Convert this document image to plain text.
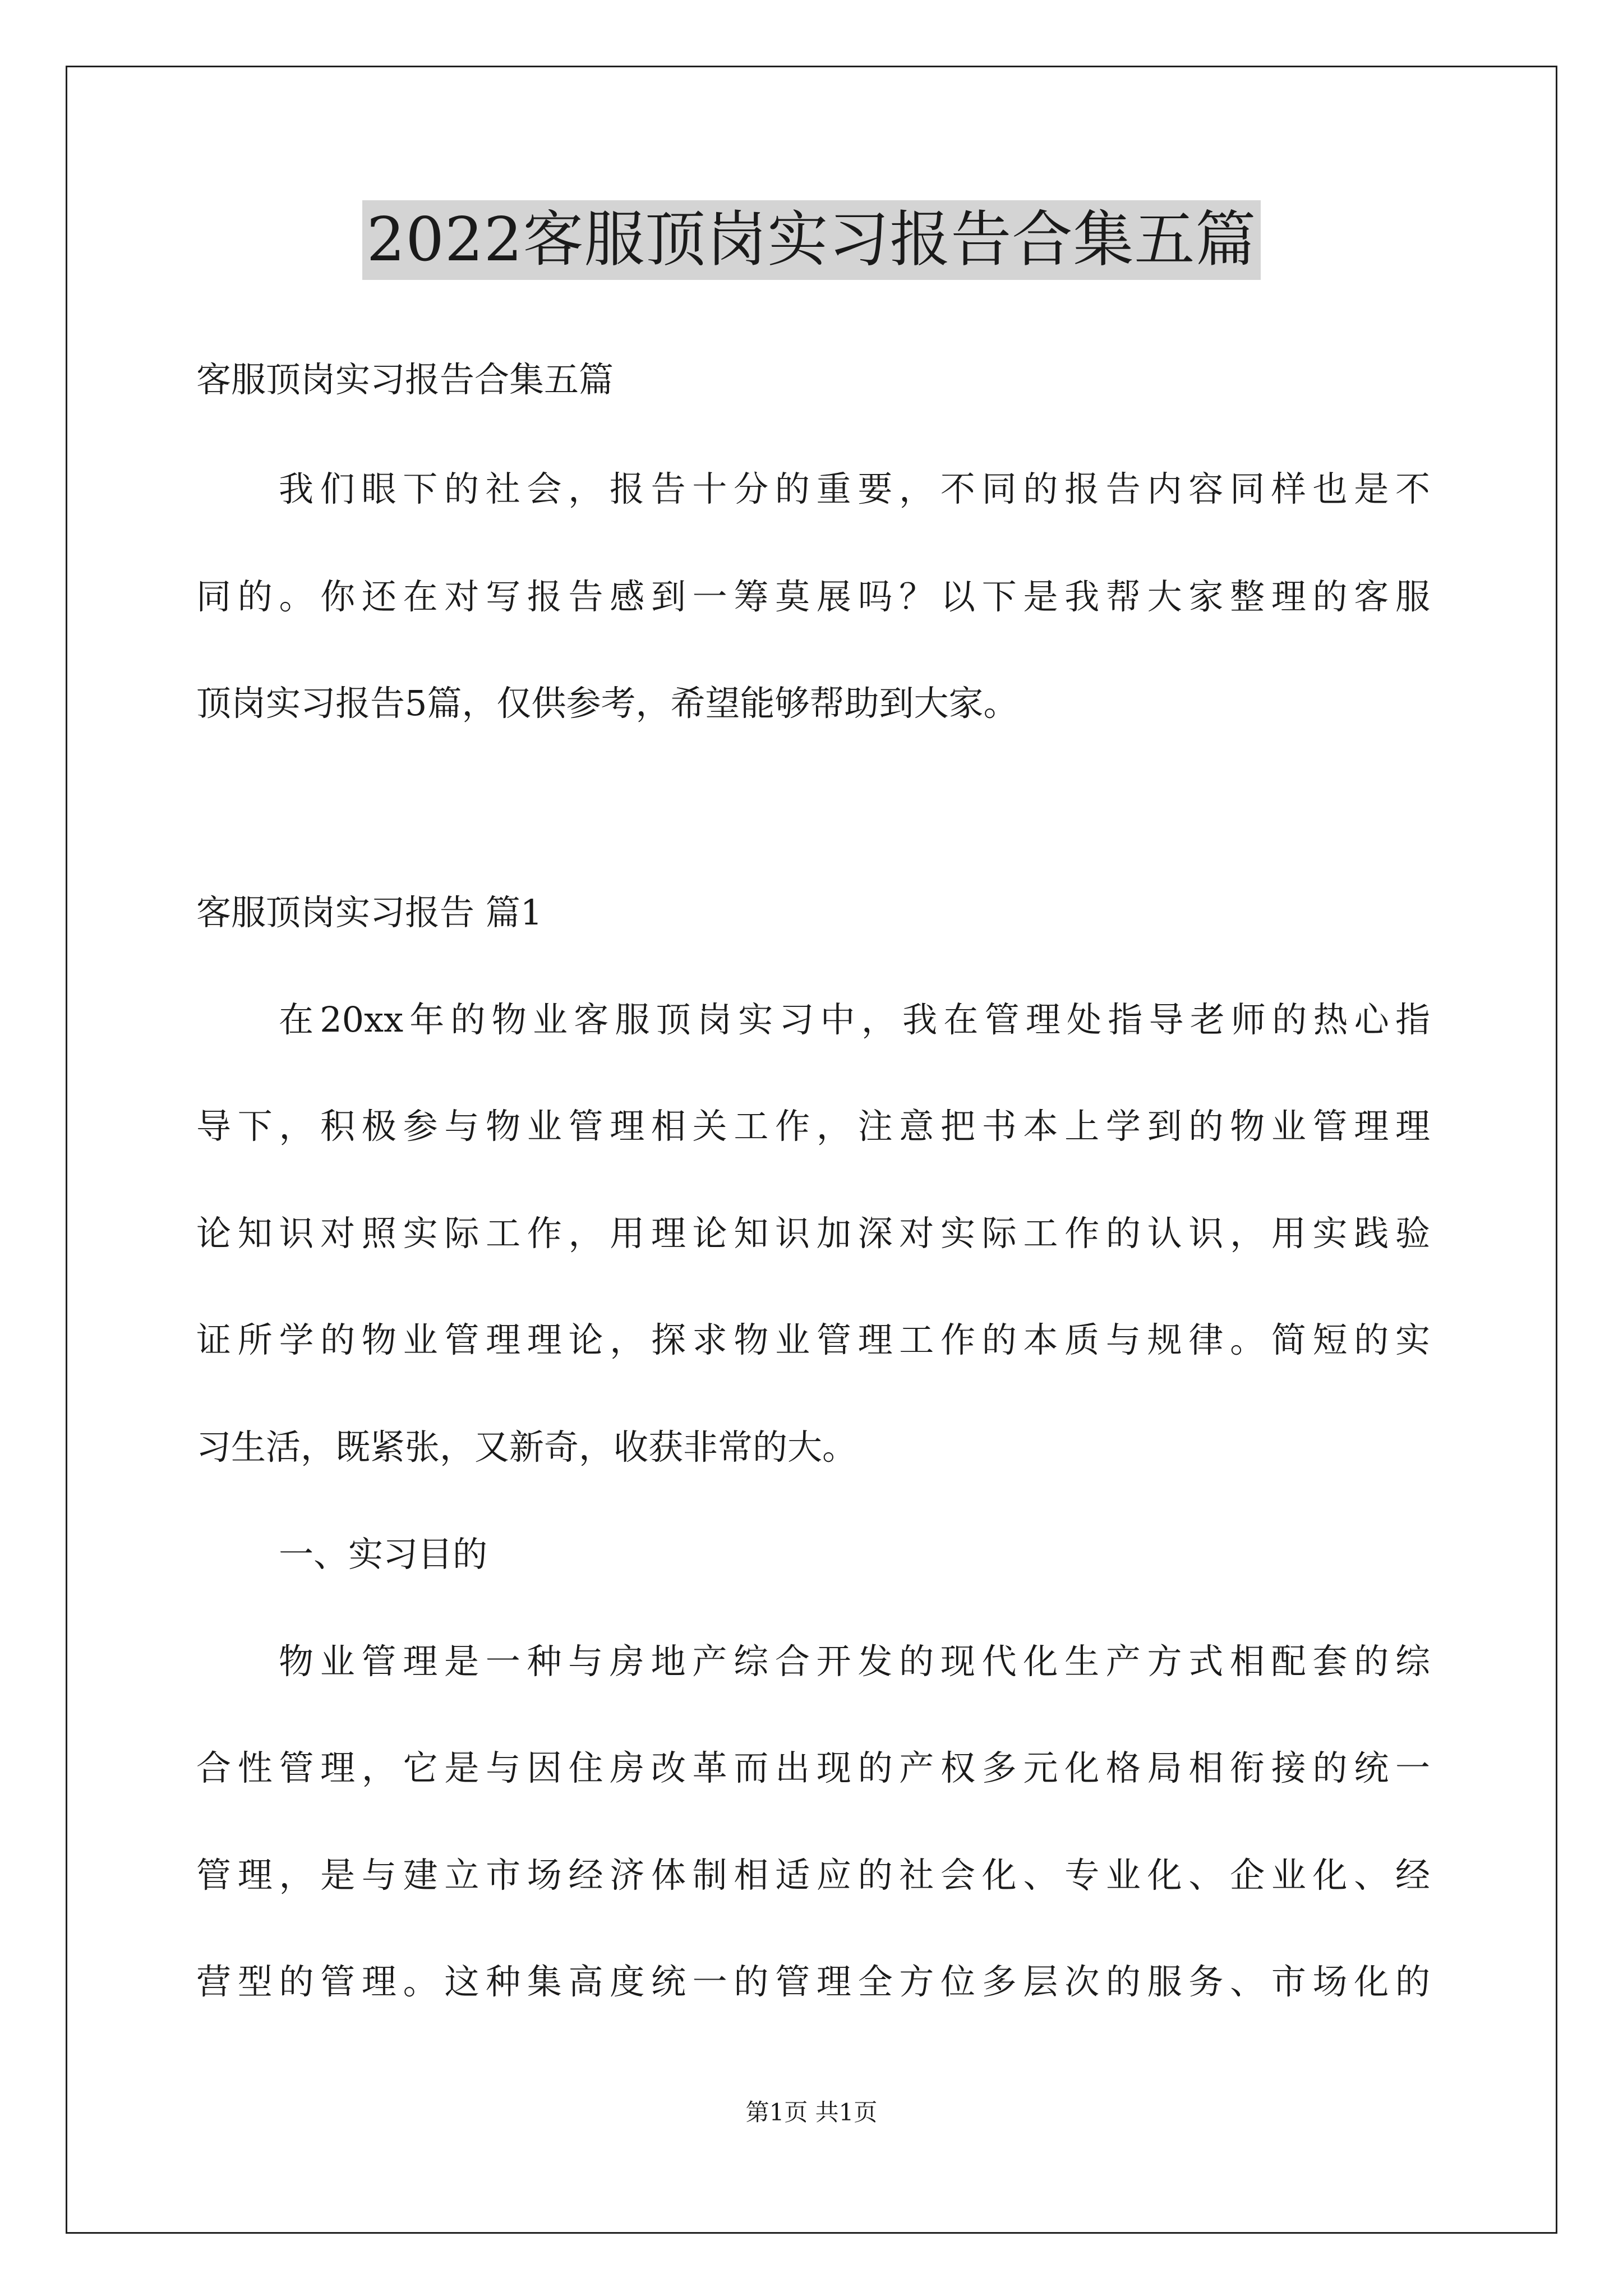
2022客服顶岗实习报告合集五篇
客服顶岗实习报告合集五篇
我们眼下的社会，报告十分的重要，不同的报告内容同样也是不
同的。你还在对写报告感到一筹莫展吗？以下是我帮大家整理的客服
顶岗实习报告5篇，仅供参考，希望能够帮助到大家。
客服顶岗实习报告 篇1
在20xx年的物业客服顶岗实习中，我在管理处指导老师的热心指
导下，积极参与物业管理相关工作，注意把书本上学到的物业管理理
论知识对照实际工作，用理论知识加深对实际工作的认识，用实践验
证所学的物业管理理论，探求物业管理工作的本质与规律。简短的实
习生活，既紧张，又新奇，收获非常的大。
一、实习目的
物业管理是一种与房地产综合开发的现代化生产方式相配套的综
合性管理，它是与因住房改革而出现的产权多元化格局相衔接的统一
管理，是与建立市场经济体制相适应的社会化、专业化、企业化、经
营型的管理。这种集高度统一的管理全方位多层次的服务、市场化的
第1页 共1页
